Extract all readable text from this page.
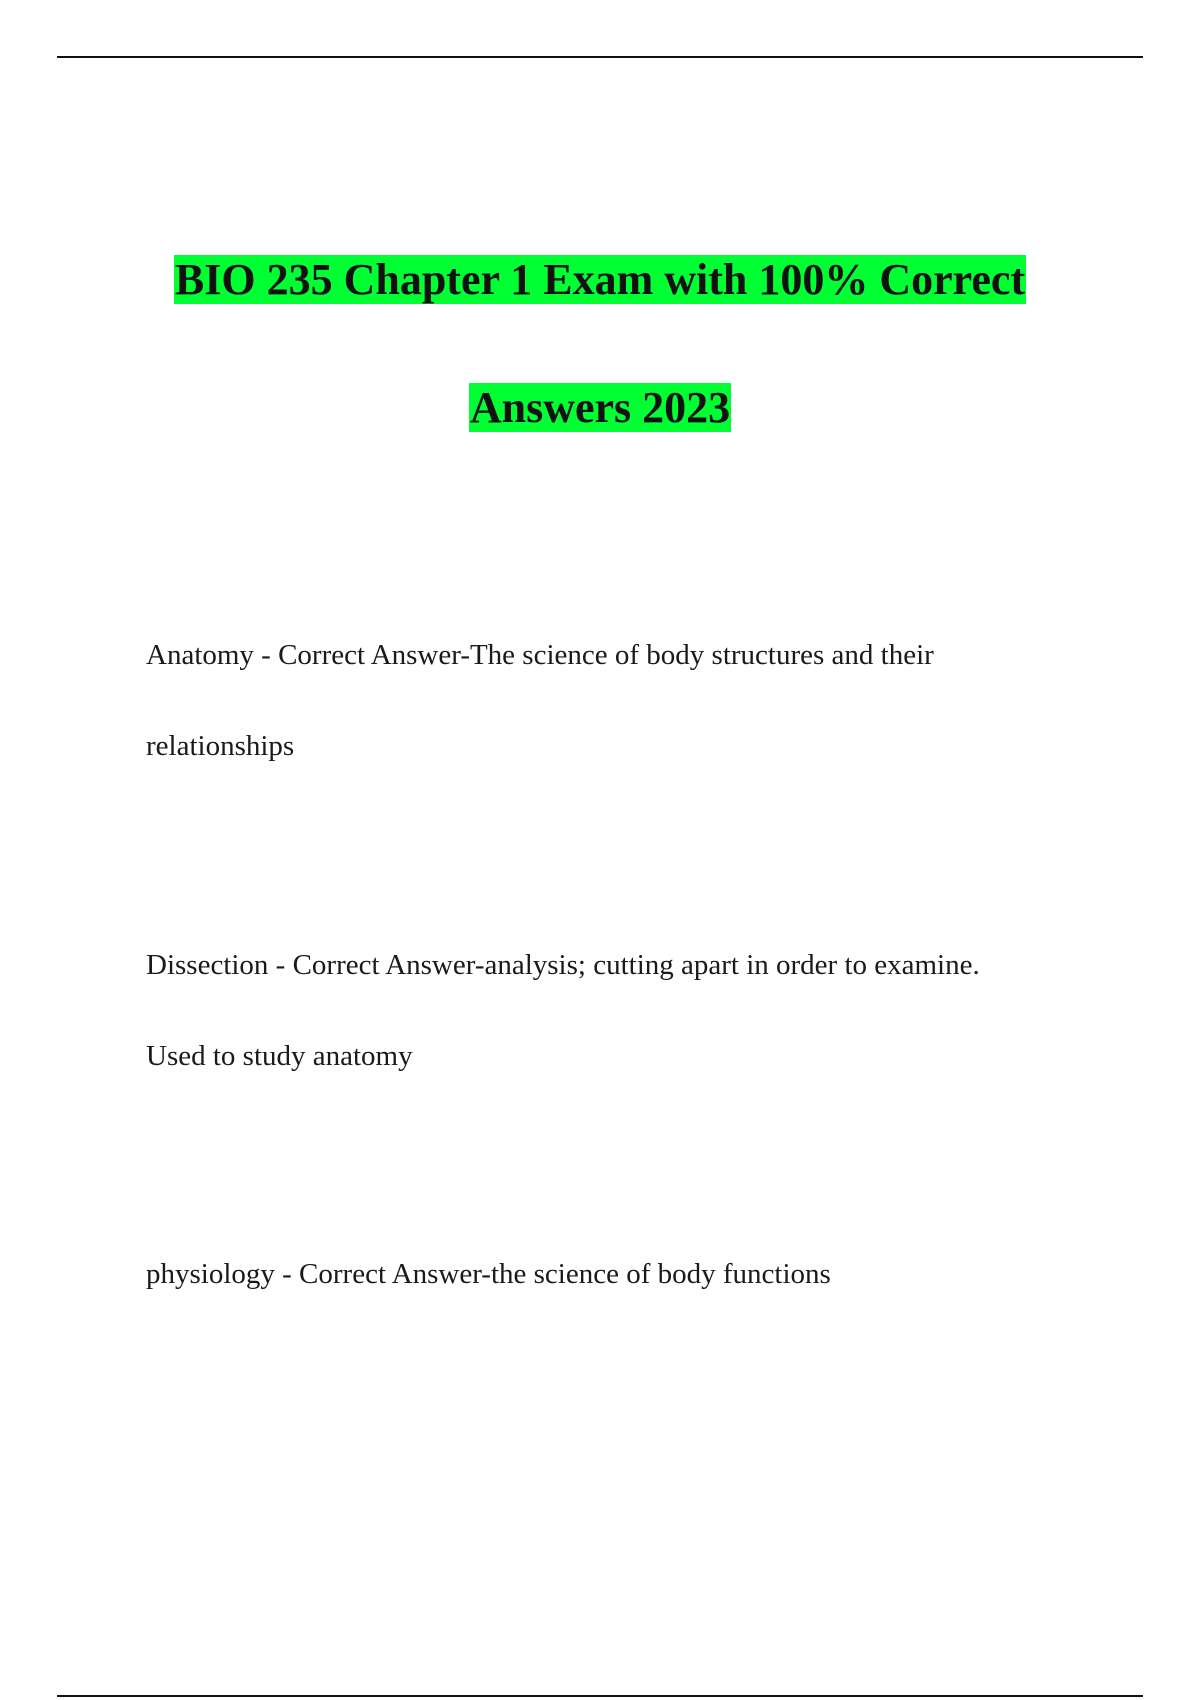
BIO 235 Chapter 1 Exam with 100% Correct
Answers 2023

Anatomy - Correct Answer-The science of body structures and their

relationships

Dissection - Correct Answer-analysis; cutting apart in order to examine.

Used to study anatomy

physiology - Correct Answer-the science of body functions
